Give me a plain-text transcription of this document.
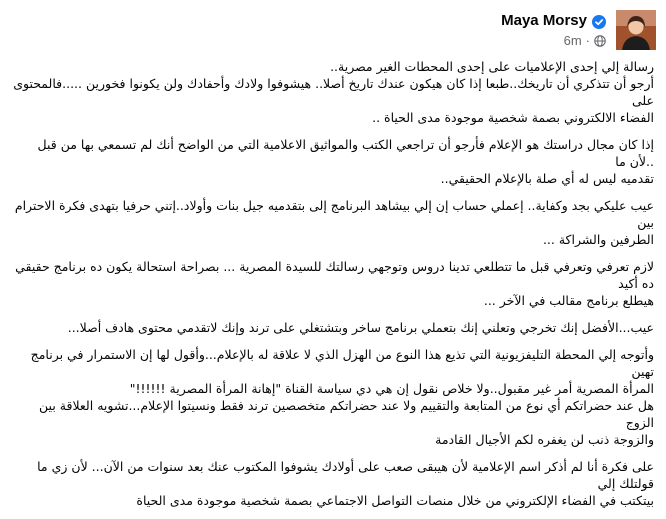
Maya Morsy
6m ·

رسالة إلي إحدى الإعلاميات على إحدى المحطات الغير مصرية..
أرجو أن تتذكري أن تاريخك..طبعا إذا كان هيكون عندك تاريخ أصلا.. هيشوفوا ولادك وأحفادك ولن يكونوا فخورين .....فالمحتوى على
الفضاء الالكتروني بصمة شخصية موجودة مدى الحياة ..

إذا كان مجال دراستك هو الإعلام فأرجو أن تراجعي الكتب والمواثيق الاعلامية التي من الواضح أنك لم تسمعي بها من قبل ..لأن ما
تقدميه ليس له أي صلة بالإعلام الحقيقي..

عيب عليكي بجد وكفاية.. إعملي حساب إن إلي بيشاهد البرنامج إلى بتقدميه جيل بنات وأولاد..إتني حرفيا بتهدى فكرة الاحترام بين
الطرفين والشراكة ...

لازم تعرفي وتعرفي قبل ما تتطلعي تدينا دروس وتوجهي رسالتك للسيدة المصرية ... بصراحة استحالة يكون ده برنامج حقيقي ده أكيد
هيطلع برنامج مقالب في الآخر ...

عيب...الأفضل إنك تخرجي وتعلني إنك بتعملي برنامج ساخر وبتشتغلي على ترند وإنك لاتقدمي محتوى هادف أصلا...

وأتوجه إلي المحطة التليفزيونية التي تذيع هذا النوع من الهزل الذي لا علاقة له بالإعلام...وأقول لها إن الاستمرار في برنامج تهين
المرأة المصرية أمر غير مقبول..ولا خلاص نقول إن هي دي سياسة القناة "إهانة المرأة المصرية !!!!!!"
هل عند حضراتكم أي نوع من المتابعة والتقييم ولا عند حضراتكم متخصصين ترند فقط ونسيتوا الإعلام...تشويه العلاقة بين الزوج
والزوجة ذنب لن يغفره لكم الأجيال القادمة

على فكرة أنا لم أذكر اسم الإعلامية لأن هيبقى صعب على أولادك يشوفوا المكتوب عنك بعد سنوات من الآن... لأن زي ما قولتلك إلي
بيتكتب في الفضاء الإلكتروني من خلال منصات التواصل الاجتماعي بصمة شخصية موجودة مدى الحياة
